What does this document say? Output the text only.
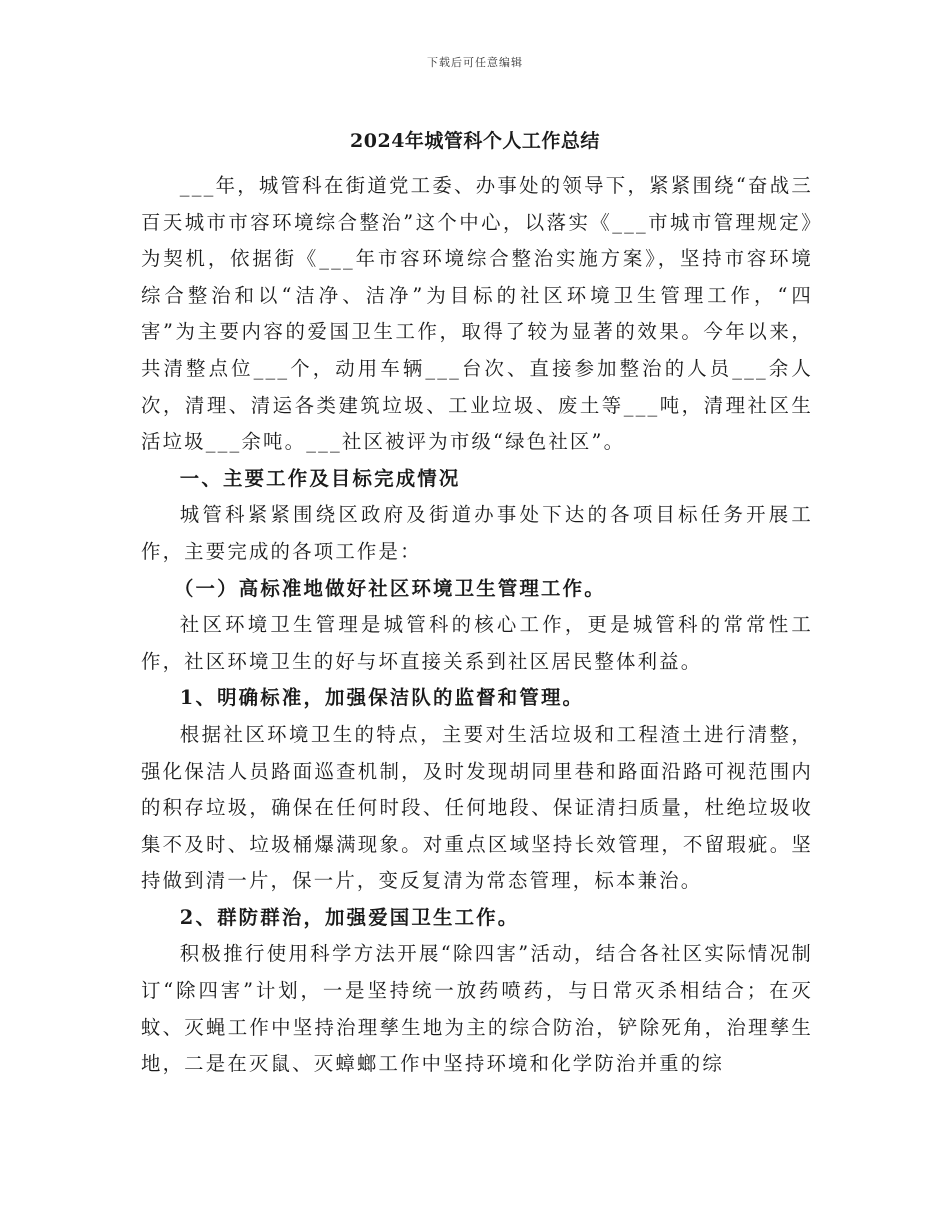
下载后可任意编辑
2024年城管科个人工作总结

___年，城管科在街道党工委、办事处的领导下，紧紧围绕“奋战三百天城市市容环境综合整治”这个中心，以落实《___市城市管理规定》为契机，依据街《___年市容环境综合整治实施方案》，坚持市容环境综合整治和以“洁净、洁净”为目标的社区环境卫生管理工作，“四害”为主要内容的爱国卫生工作，取得了较为显著的效果。今年以来，共清整点位___个，动用车辆___台次、直接参加整治的人员___余人次，清理、清运各类建筑垃圾、工业垃圾、废土等___吨，清理社区生活垃圾___余吨。___社区被评为市级“绿色社区”。

一、主要工作及目标完成情况

城管科紧紧围绕区政府及街道办事处下达的各项目标任务开展工作，主要完成的各项工作是：

（一）高标准地做好社区环境卫生管理工作。

社区环境卫生管理是城管科的核心工作，更是城管科的常常性工作，社区环境卫生的好与坏直接关系到社区居民整体利益。

1、明确标准，加强保洁队的监督和管理。

根据社区环境卫生的特点，主要对生活垃圾和工程渣土进行清整，强化保洁人员路面巡查机制，及时发现胡同里巷和路面沿路可视范围内的积存垃圾，确保在任何时段、任何地段、保证清扫质量，杜绝垃圾收集不及时、垃圾桶爆满现象。对重点区域坚持长效管理，不留瑕疵。坚持做到清一片，保一片，变反复清为常态管理，标本兼治。

2、群防群治，加强爱国卫生工作。

积极推行使用科学方法开展“除四害”活动，结合各社区实际情况制订“除四害”计划，一是坚持统一放药喷药，与日常灭杀相结合；在灭蚊、灭蝇工作中坚持治理孳生地为主的综合防治，铲除死角，治理孳生地，二是在灭鼠、灭蟑螂工作中坚持环境和化学防治并重的综
